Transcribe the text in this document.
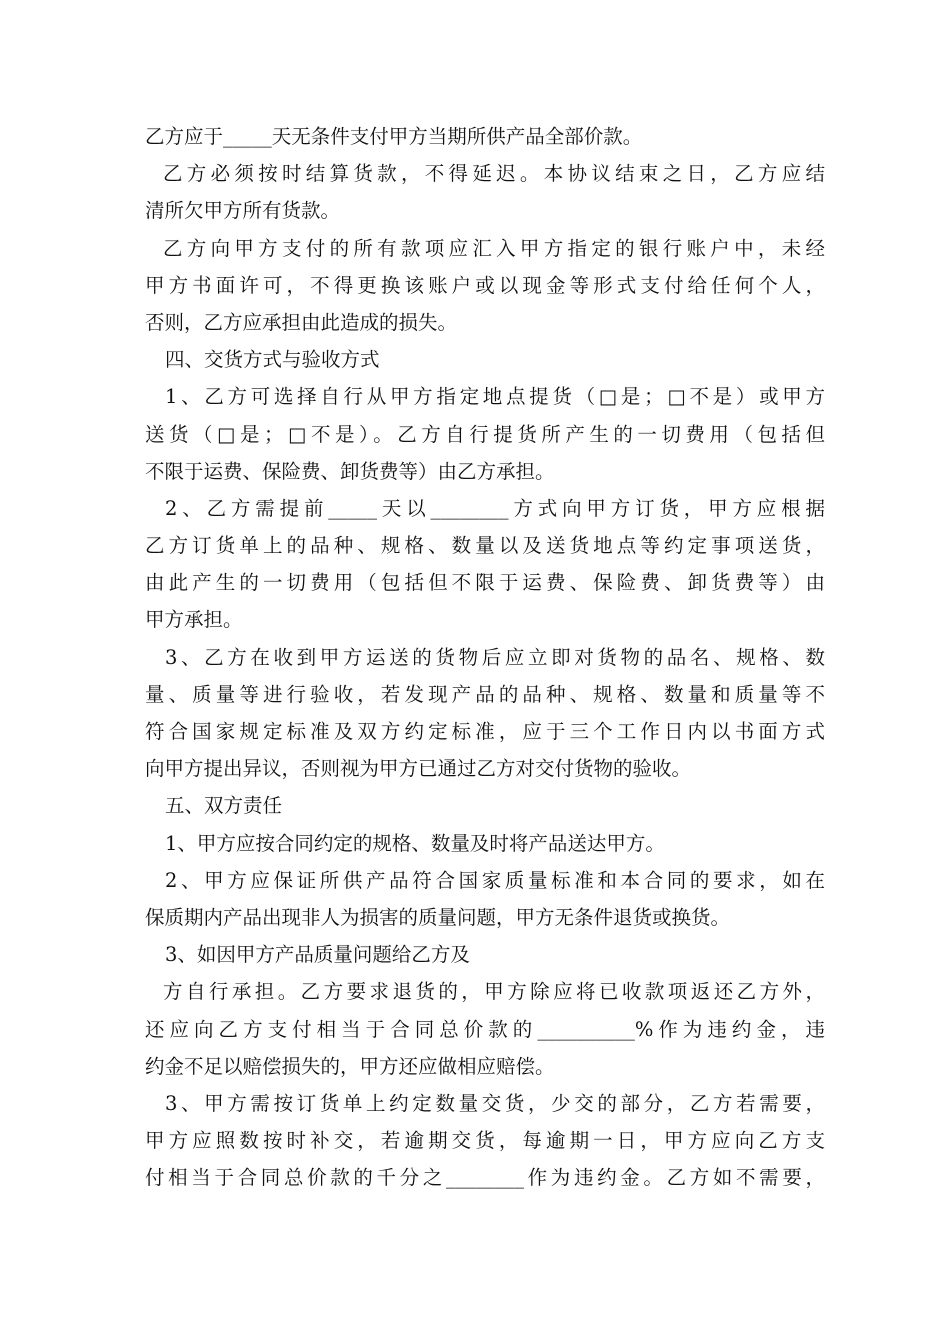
乙方应于_____天无条件支付甲方当期所供产品全部价款。
乙方必须按时结算货款，不得延迟。本协议结束之日，乙方应结
清所欠甲方所有货款。
乙方向甲方支付的所有款项应汇入甲方指定的银行账户中，未经
甲方书面许可，不得更换该账户或以现金等形式支付给任何个人，
否则，乙方应承担由此造成的损失。
四、交货方式与验收方式
1、乙方可选择自行从甲方指定地点提货（□是；□不是）或甲方
送货（□是；□不是）。乙方自行提货所产生的一切费用（包括但
不限于运费、保险费、卸货费等）由乙方承担。
2、乙方需提前_____天以________方式向甲方订货，甲方应根据
乙方订货单上的品种、规格、数量以及送货地点等约定事项送货，
由此产生的一切费用（包括但不限于运费、保险费、卸货费等）由
甲方承担。
3、乙方在收到甲方运送的货物后应立即对货物的品名、规格、数
量、质量等进行验收，若发现产品的品种、规格、数量和质量等不
符合国家规定标准及双方约定标准，应于三个工作日内以书面方式
向甲方提出异议，否则视为甲方已通过乙方对交付货物的验收。
五、双方责任
1、甲方应按合同约定的规格、数量及时将产品送达甲方。
2、甲方应保证所供产品符合国家质量标准和本合同的要求，如在
保质期内产品出现非人为损害的质量问题，甲方无条件退货或换货。
3、如因甲方产品质量问题给乙方及
方自行承担。乙方要求退货的，甲方除应将已收款项返还乙方外，
还应向乙方支付相当于合同总价款的__________%作为违约金，违
约金不足以赔偿损失的，甲方还应做相应赔偿。
3、甲方需按订货单上约定数量交货，少交的部分，乙方若需要，
甲方应照数按时补交，若逾期交货，每逾期一日，甲方应向乙方支
付相当于合同总价款的千分之________作为违约金。乙方如不需要，
